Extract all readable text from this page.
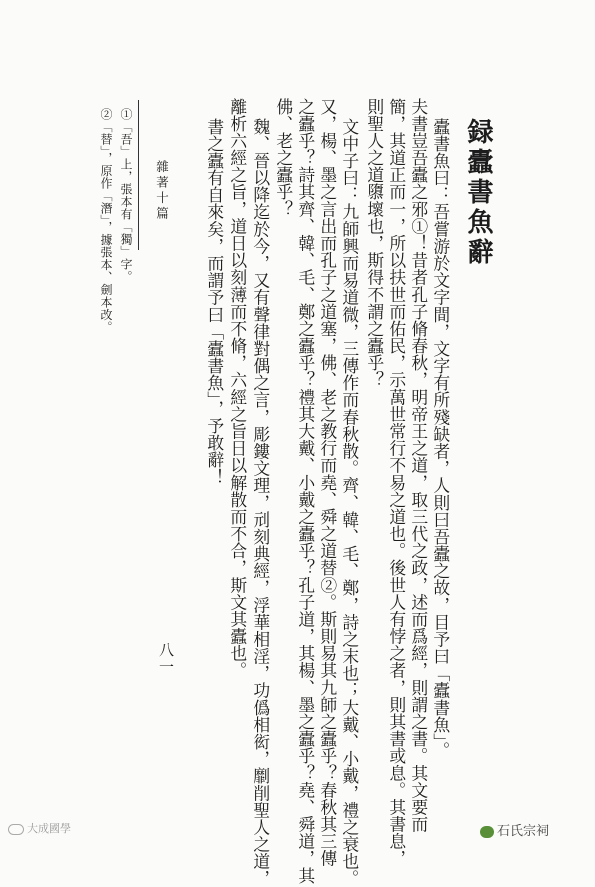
録蠹書魚辭
蠹書魚曰：吾嘗游於文字間，文字有所殘缺者，人則曰吾蠹之故，目予曰「蠹書魚」。
夫書豈吾蠹之邪①！昔者孔子脩春秋，明帝王之道，取三代之政，述而爲經，則謂之書。其文要而
簡，其道正而一，所以扶世而佑民，示萬世常行不易之道也。後世人有悖之者，則其書或息。其書息，
則聖人之道隳壞也，斯得不謂之蠹乎？
文中子曰：九師興而易道微，三傳作而春秋散。齊、韓、毛、鄭，詩之末也；大戴、小戴，禮之衰也。
又，楊、墨之言出而孔子之道塞，佛、老之教行而堯、舜之道替②。斯則易其九師之蠹乎？春秋其三傳
之蠹乎？詩其齊、韓、毛、鄭之蠹乎？禮其大戴、小戴之蠹乎？孔子道，其楊、墨之蠹乎？堯、舜道，其
佛、老之蠹乎？
魏、晉以降迄於今，又有聲律對偶之言，彫鏤文理，刓刻典經，浮華相淫，功僞相衒，劘削聖人之道，
離析六經之旨，道日以刻薄而不脩，六經之旨日以解散而不合，斯文其蠹也。
書之蠹有自來矣，而謂予曰「蠹書魚」，予敢辭！
雜著十篇
①「吾」上，張本有「獨」字。
②「替」，原作「潛」，據張本、劍本改。
八一
大成國學	石氏宗祠
